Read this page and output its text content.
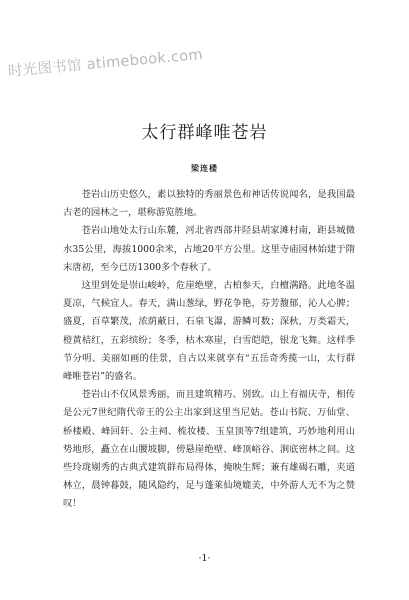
时光图书馆 atimebook.com
太行群峰唯苍岩
梁连楼

苍岩山历史悠久，素以独特的秀丽景色和神话传说闻名，是我国最古老的园林之一，堪称游览胜地。

苍岩山地处太行山东麓，河北省西部井陉县胡家滩村南，距县城微水35公里，海拔1000余米，占地20平方公里。这里寺庙园林始建于隋末唐初，至今已历1300多个春秋了。

这里到处是崇山峻岭，危崖绝壁，古柏参天，白檀满路。此地冬温夏凉，气候宜人。春天，满山葱绿，野花争艳，芬芳馥郁，沁人心脾；盛夏，百草繁茂，浓荫蔽日，石泉飞瀑，游鳞可数；深秋，万类霜天，橙黄桔红，五彩缤纷；冬季，枯木寒崖，白雪皑皑，银龙飞舞。这样季节分明、美丽如画的佳景，自古以来就享有“五岳奇秀揽一山，太行群峰唯苍岩”的盛名。

苍岩山不仅风景秀丽，而且建筑精巧、别致。山上有福庆寺，相传是公元7世纪隋代帝王的公主出家到这里当尼姑。苍山书院、万仙堂、桥楼殿、峰回轩、公主祠、梳妆楼、玉皇顶等7组建筑，巧妙地利用山势地形，矗立在山腰坡脚，傍悬崖绝壁、峰顶峪谷、涧底密林之间。这些玲珑剔秀的古典式建筑群布局得体，掩映生辉；兼有雄碣石雕，夹道林立，晨钟暮鼓，随风隐约，足与蓬莱仙境媲美，中外游人无不为之赞叹！

·1·
